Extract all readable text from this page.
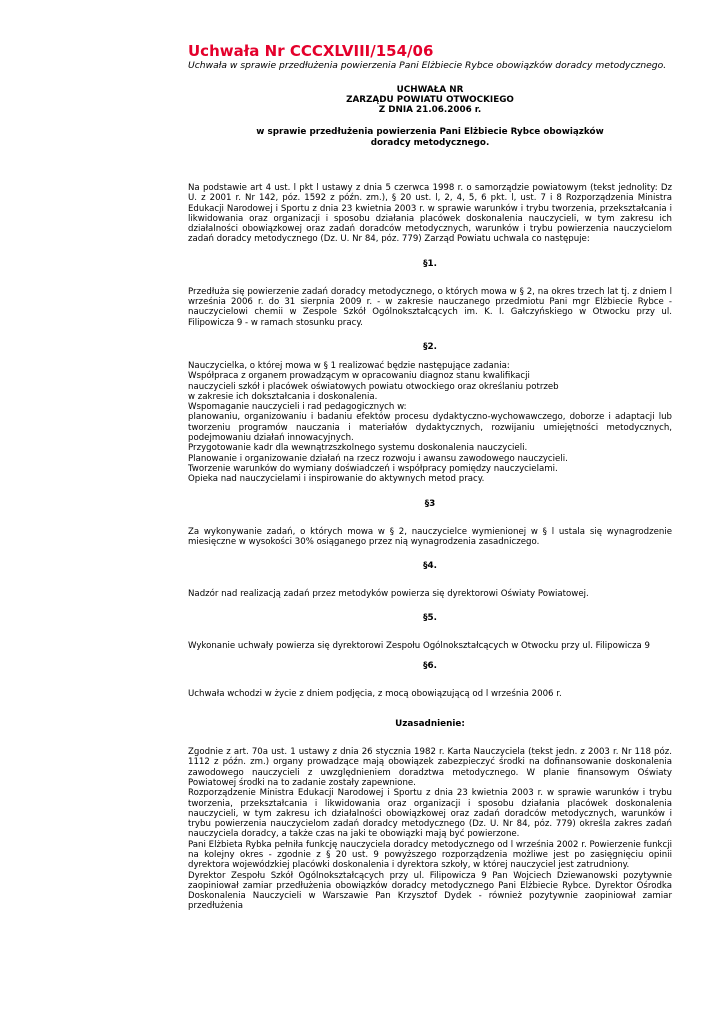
Uchwała Nr CCCXLVIII/154/06

Uchwała w sprawie przedłużenia powierzenia Pani Elżbiecie Rybce obowiązków doradcy metodycznego.

UCHWAŁA NR

ZARZĄDU POWIATU OTWOCKIEGO

Z DNIA 21.06.2006 r.

w sprawie przedłużenia powierzenia Pani Elżbiecie Rybce obowiązków
doradcy metodycznego.

Na podstawie art 4 ust. l pkt l ustawy z dnia 5 czerwca 1998 r. o samorządzie powiatowym (tekst jednolity: Dz U. z 2001 r. Nr 142, póz. 1592 z późn. zm.), § 20 ust. l, 2, 4, 5, 6 pkt. l, ust. 7 i 8 Rozporządzenia Ministra Edukacji Narodowej i Sportu z dnia 23 kwietnia 2003 r. w sprawie warunków i trybu tworzenia, przekształcania i likwidowania oraz organizacji i sposobu działania placówek doskonalenia nauczycieli, w tym zakresu ich działalności obowiązkowej oraz zadań doradców metodycznych, warunków i trybu powierzenia nauczycielom zadań doradcy metodycznego (Dz. U. Nr 84, póz. 779) Zarząd Powiatu uchwala co następuje:

§1.

Przedłuża się powierzenie zadań doradcy metodycznego, o których mowa w § 2, na okres trzech lat tj. z dniem l września 2006 r. do 31 sierpnia 2009 r. - w zakresie nauczanego przedmiotu Pani mgr Elżbiecie Rybce - nauczycielowi chemii w Zespole Szkół Ogólnokształcących im. K. I. Gałczyńskiego w Otwocku przy ul. Filipowicza 9 - w ramach stosunku pracy.

§2.

Nauczycielka, o której mowa w § 1 realizować będzie następujące zadania:
Współpraca z organem prowadzącym w opracowaniu diagnoz stanu kwalifikacji
nauczycieli szkół i placówek oświatowych powiatu otwockiego oraz określaniu potrzeb
w zakresie ich dokształcania i doskonalenia.
Wspomaganie nauczycieli i rad pedagogicznych w:

planowaniu, organizowaniu i badaniu efektów procesu dydaktyczno-wychowawczego, doborze i adaptacji lub tworzeniu programów nauczania i materiałów dydaktycznych, rozwijaniu umiejętności metodycznych, podejmowaniu działań innowacyjnych.

Przygotowanie kadr dla wewnątrzszkolnego systemu doskonalenia nauczycieli.
Planowanie i organizowanie działań na rzecz rozwoju i awansu zawodowego nauczycieli.
Tworzenie warunków do wymiany doświadczeń i współpracy pomiędzy nauczycielami.
Opieka nad nauczycielami i inspirowanie do aktywnych metod pracy.

§3

Za wykonywanie zadań, o których mowa w § 2, nauczycielce wymienionej w § l ustala się wynagrodzenie miesięczne w wysokości 30% osiąganego przez nią wynagrodzenia zasadniczego.

§4.

Nadzór nad realizacją zadań przez metodyków powierza się dyrektorowi Oświaty Powiatowej.

§5.

Wykonanie uchwały powierza się dyrektorowi Zespołu Ogólnokształcących w Otwocku przy ul. Filipowicza 9

§6.

Uchwała wchodzi w życie z dniem podjęcia, z mocą obowiązującą od l września 2006 r.

Uzasadnienie:

Zgodnie z art. 70a ust. 1 ustawy z dnia 26 stycznia 1982 r. Karta Nauczyciela (tekst jedn. z 2003 r. Nr 118 póz. 1112 z późn. zm.) organy prowadzące mają obowiązek zabezpieczyć środki na dofinansowanie doskonalenia zawodowego nauczycieli z uwzględnieniem doradztwa metodycznego. W planie finansowym Oświaty Powiatowej środki na to zadanie zostały zapewnione.

Rozporządzenie Ministra Edukacji Narodowej i Sportu z dnia 23 kwietnia 2003 r. w sprawie warunków i trybu tworzenia, przekształcania i likwidowania oraz organizacji i sposobu działania placówek doskonalenia nauczycieli, w tym zakresu ich działalności obowiązkowej oraz zadań doradców metodycznych, warunków i trybu powierzenia nauczycielom zadań doradcy metodycznego (Dz. U. Nr 84, póz. 779) określa zakres zadań nauczyciela doradcy, a także czas na jaki te obowiązki mają być powierzone.

Pani Elżbieta Rybka pełniła funkcję nauczyciela doradcy metodycznego od l września 2002 r. Powierzenie funkcji na kolejny okres - zgodnie z § 20 ust. 9 powyższego rozporządzenia możliwe jest po zasięgnięciu opinii dyrektora wojewódzkiej placówki doskonalenia i dyrektora szkoły, w której nauczyciel jest zatrudniony.

Dyrektor Zespołu Szkół Ogólnokształcących przy ul. Filipowicza 9 Pan Wojciech Dziewanowski pozytywnie zaopiniował zamiar przedłużenia obowiązków doradcy metodycznego Pani Elżbiecie Rybce. Dyrektor Ośrodka Doskonalenia Nauczycieli w Warszawie Pan Krzysztof Dydek - również pozytywnie zaopiniował zamiar przedłużenia
